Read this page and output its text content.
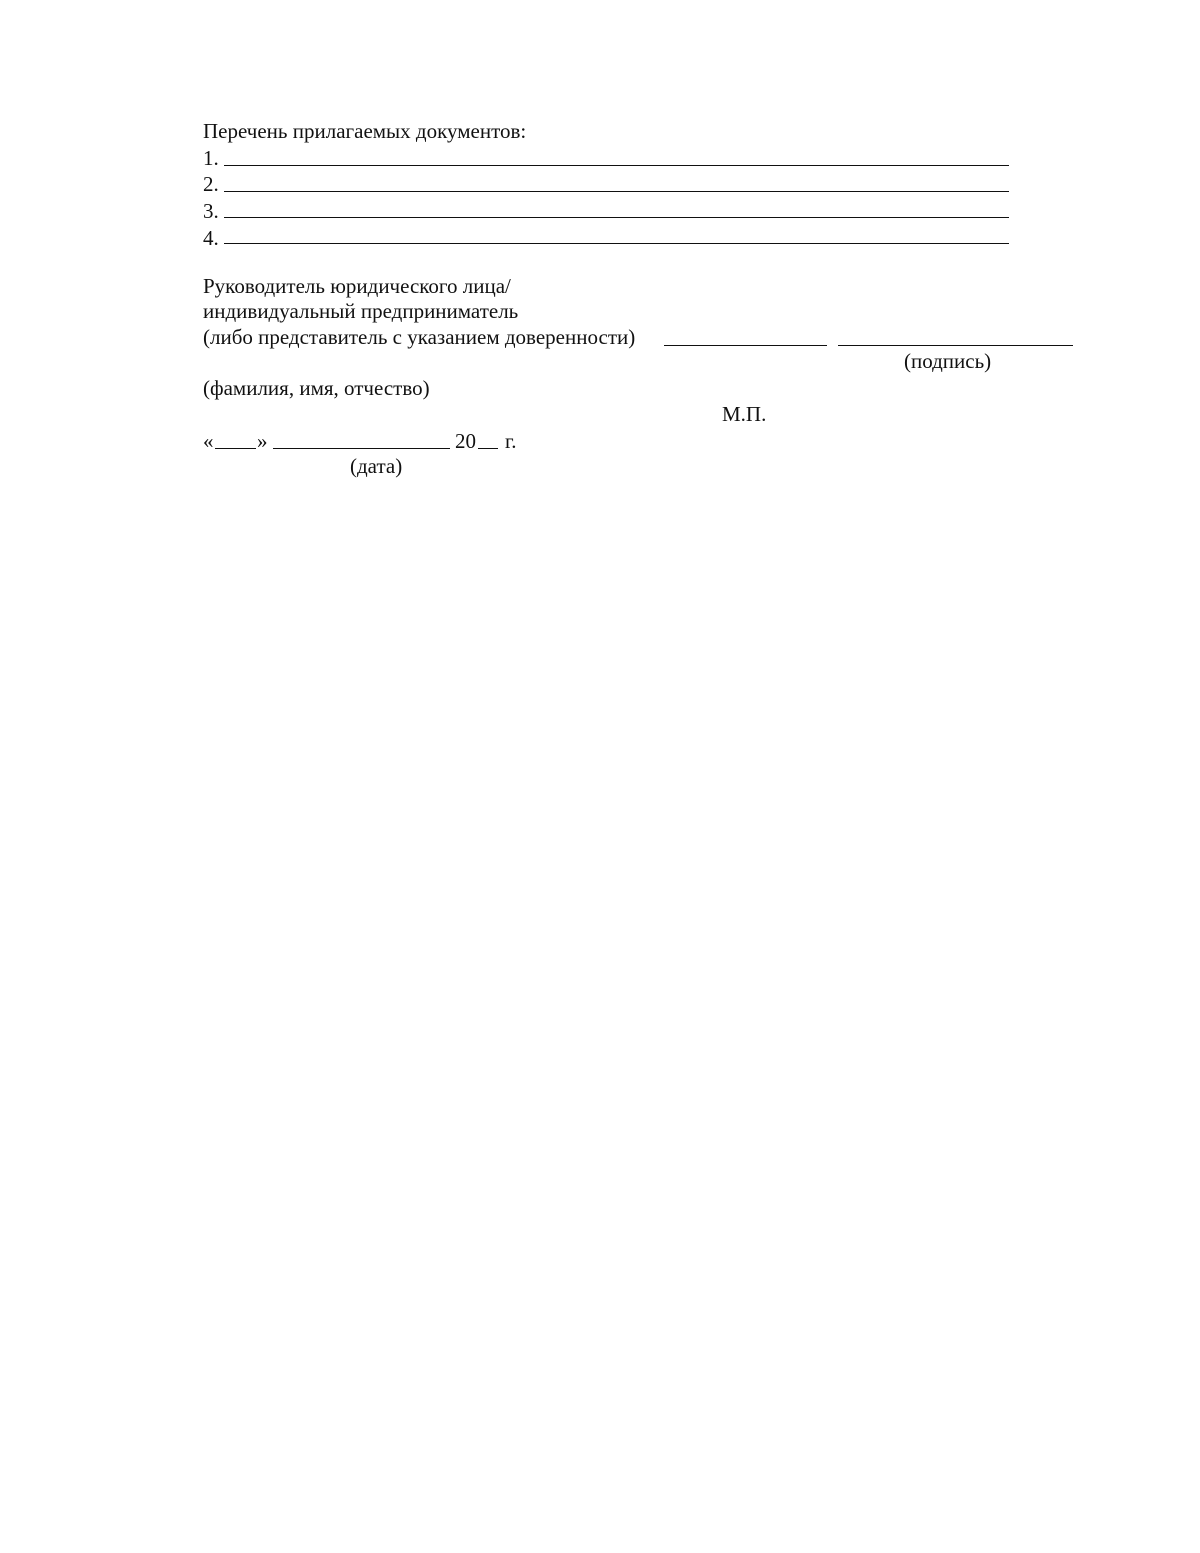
Перечень прилагаемых документов:
1.
2.
3.
4.
Руководитель юридического лица/
индивидуальный предприниматель
(либо представитель с указанием доверенности)
(подпись)
(фамилия, имя, отчество)
М.П.
« »	20 г.
(дата)
